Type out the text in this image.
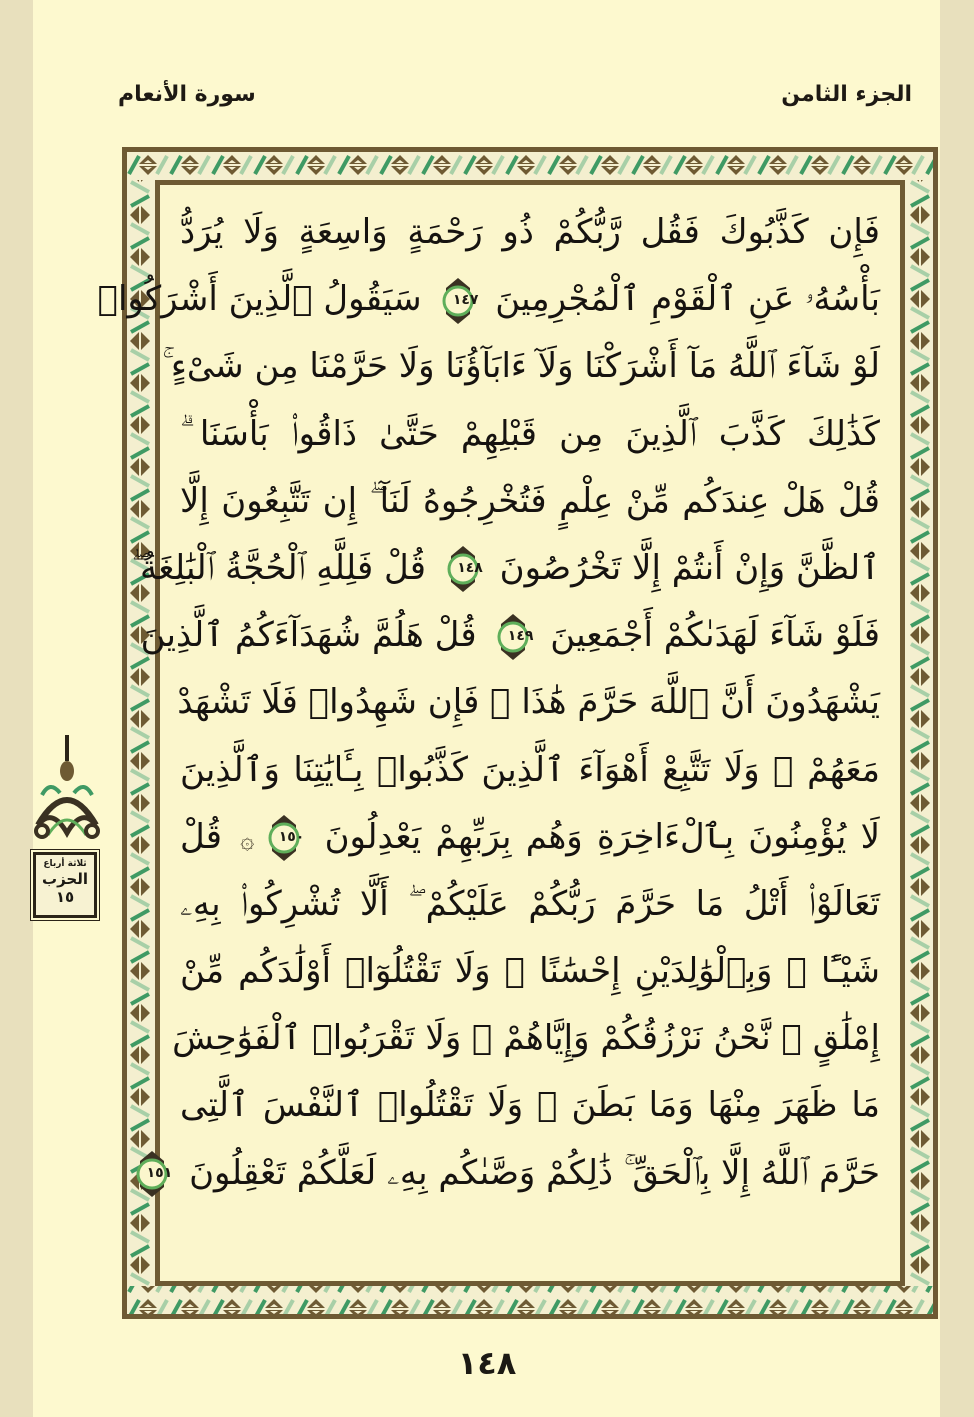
الجزء الثامن
سورة الأنعام
فَإِن كَذَّبُوكَ فَقُل رَّبُّكُمْ ذُو رَحْمَةٍ وَاسِعَةٍ وَلَا يُرَدُّ
بَأْسُهُۥ عَنِ ٱلْقَوْمِ ٱلْمُجْرِمِينَ
١٤٧
سَيَقُولُ ٱلَّذِينَ أَشْرَكُوا۟
لَوْ شَآءَ ٱللَّهُ مَآ أَشْرَكْنَا وَلَآ ءَابَآؤُنَا وَلَا حَرَّمْنَا مِن شَىْءٍ ۚ
كَذَٰلِكَ كَذَّبَ ٱلَّذِينَ مِن قَبْلِهِمْ حَتَّىٰ ذَاقُوا۟ بَأْسَنَا ۗ
قُلْ هَلْ عِندَكُم مِّنْ عِلْمٍ فَتُخْرِجُوهُ لَنَآ ۖ إِن تَتَّبِعُونَ إِلَّا
ٱلظَّنَّ وَإِنْ أَنتُمْ إِلَّا تَخْرُصُونَ
١٤٨
قُلْ فَلِلَّهِ ٱلْحُجَّةُ ٱلْبَٰلِغَةُ ۖ
فَلَوْ شَآءَ لَهَدَىٰكُمْ أَجْمَعِينَ
١٤٩
قُلْ هَلُمَّ شُهَدَآءَكُمُ ٱلَّذِينَ
يَشْهَدُونَ أَنَّ ٱللَّهَ حَرَّمَ هَٰذَا ۖ فَإِن شَهِدُوا۟ فَلَا تَشْهَدْ
مَعَهُمْ ۚ وَلَا تَتَّبِعْ أَهْوَآءَ ٱلَّذِينَ كَذَّبُوا۟ بِـَٔايَٰتِنَا وَٱلَّذِينَ
لَا يُؤْمِنُونَ بِٱلْءَاخِرَةِ وَهُم بِرَبِّهِمْ يَعْدِلُونَ
١٥٠
۞ قُلْ
تَعَالَوْا۟ أَتْلُ مَا حَرَّمَ رَبُّكُمْ عَلَيْكُمْ ۖ أَلَّا تُشْرِكُوا۟ بِهِۦ
شَيْـًٔا ۖ وَبِٱلْوَٰلِدَيْنِ إِحْسَٰنًا ۖ وَلَا تَقْتُلُوٓا۟ أَوْلَٰدَكُم مِّنْ
إِمْلَٰقٍ ۖ نَّحْنُ نَرْزُقُكُمْ وَإِيَّاهُمْ ۖ وَلَا تَقْرَبُوا۟ ٱلْفَوَٰحِشَ
مَا ظَهَرَ مِنْهَا وَمَا بَطَنَ ۖ وَلَا تَقْتُلُوا۟ ٱلنَّفْسَ ٱلَّتِى
حَرَّمَ ٱللَّهُ إِلَّا بِٱلْحَقِّ ۚ ذَٰلِكُمْ وَصَّىٰكُم بِهِۦ لَعَلَّكُمْ تَعْقِلُونَ
١٥١
ثلاثة أرباع
الحزب
١٥
١٤٨
